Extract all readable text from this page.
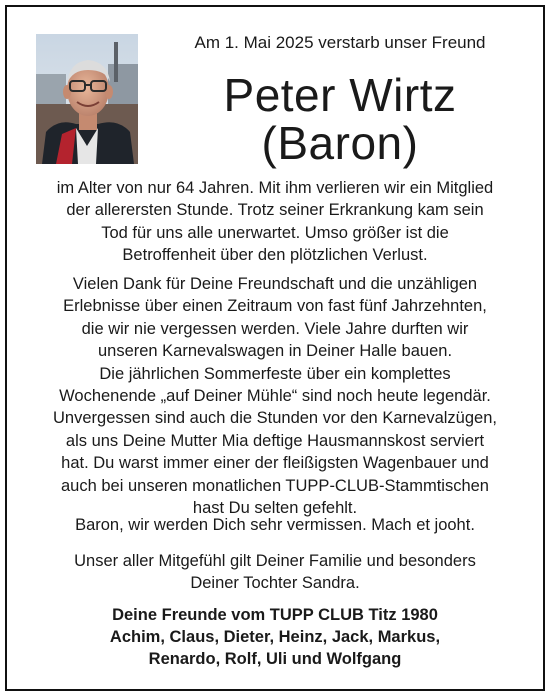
Am 1. Mai 2025 verstarb unser Freund
Peter Wirtz
(Baron)

im Alter von nur 64 Jahren. Mit ihm verlieren wir ein Mitglied

der allerersten Stunde. Trotz seiner Erkrankung kam sein

Tod für uns alle unerwartet. Umso größer ist die

Betroffenheit über den plötzlichen Verlust.

Vielen Dank für Deine Freundschaft und die unzähligen

Erlebnisse über einen Zeitraum von fast fünf Jahrzehnten,

die wir nie vergessen werden. Viele Jahre durften wir

unseren Karnevalswagen in Deiner Halle bauen.

Die jährlichen Sommerfeste über ein komplettes

Wochenende „auf Deiner Mühle“ sind noch heute legendär.

Unvergessen sind auch die Stunden vor den Karnevalzügen,

als uns Deine Mutter Mia deftige Hausmannskost serviert

hat. Du warst immer einer der fleißigsten Wagenbauer und

auch bei unseren monatlichen TUPP-CLUB-Stammtischen

hast Du selten gefehlt.

Baron, wir werden Dich sehr vermissen. Mach et jooht.

Unser aller Mitgefühl gilt Deiner Familie und besonders

Deiner Tochter Sandra.

Deine Freunde vom TUPP CLUB Titz 1980

Achim, Claus, Dieter, Heinz, Jack, Markus,

Renardo, Rolf, Uli und Wolfgang
